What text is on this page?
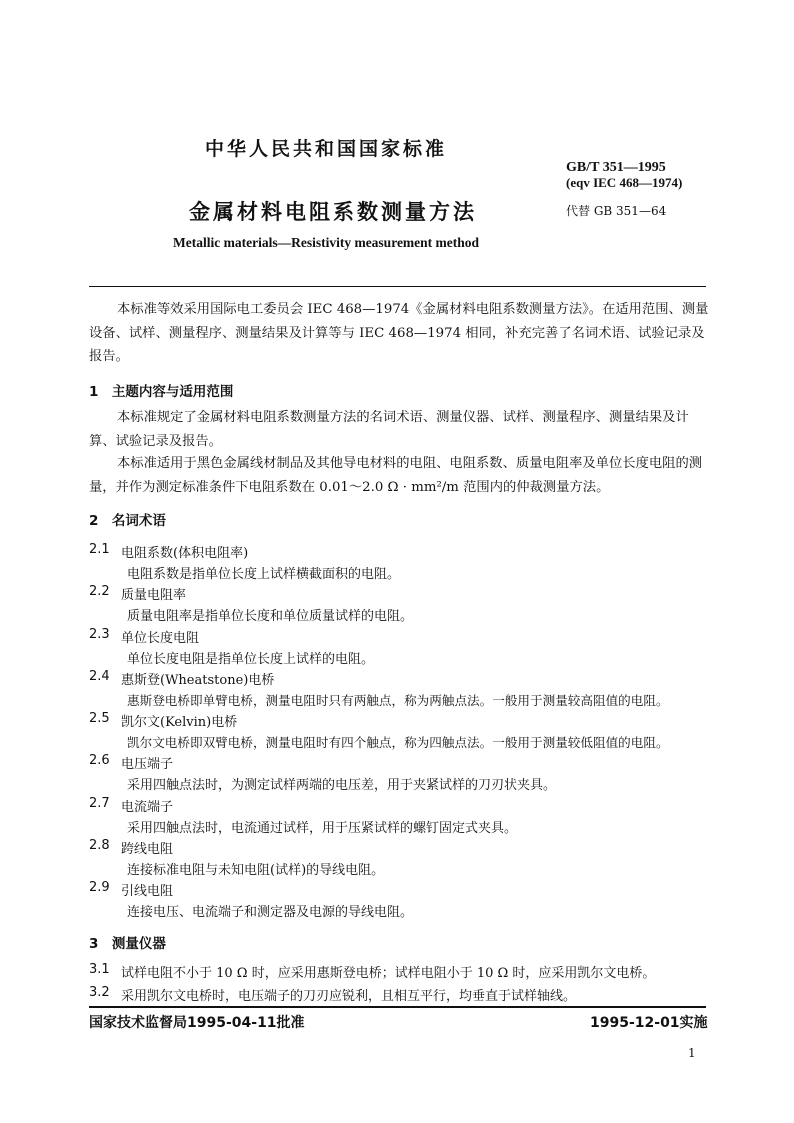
中华人民共和国国家标准
GB/T 351—1995
(eqv IEC 468—1974)
代替 GB 351—64
金属材料电阻系数测量方法
Metallic materials—Resistivity measurement method
本标准等效采用国际电工委员会 IEC 468—1974《金属材料电阻系数测量方法》。在适用范围、测量设备、试样、测量程序、测量结果及计算等与 IEC 468—1974 相同，补充完善了名词术语、试验记录及报告。
1　主题内容与适用范围
本标准规定了金属材料电阻系数测量方法的名词术语、测量仪器、试样、测量程序、测量结果及计算、试验记录及报告。
本标准适用于黑色金属线材制品及其他导电材料的电阻、电阻系数、质量电阻率及单位长度电阻的测量，并作为测定标准条件下电阻系数在 0.01～2.0 Ω · mm²/m 范围内的仲裁测量方法。
2　名词术语
2.1 电阻系数(体积电阻率)
电阻系数是指单位长度上试样横截面积的电阻。
2.2 质量电阻率
质量电阻率是指单位长度和单位质量试样的电阻。
2.3 单位长度电阻
单位长度电阻是指单位长度上试样的电阻。
2.4 惠斯登(Wheatstone)电桥
惠斯登电桥即单臂电桥，测量电阻时只有两触点，称为两触点法。一般用于测量较高阻值的电阻。
2.5 凯尔文(Kelvin)电桥
凯尔文电桥即双臂电桥，测量电阻时有四个触点，称为四触点法。一般用于测量较低阻值的电阻。
2.6 电压端子
采用四触点法时，为测定试样两端的电压差，用于夹紧试样的刀刃状夹具。
2.7 电流端子
采用四触点法时，电流通过试样，用于压紧试样的螺钉固定式夹具。
2.8 跨线电阻
连接标准电阻与未知电阻(试样)的导线电阻。
2.9 引线电阻
连接电压、电流端子和测定器及电源的导线电阻。
3　测量仪器
3.1 试样电阻不小于 10 Ω 时，应采用惠斯登电桥；试样电阻小于 10 Ω 时，应采用凯尔文电桥。
3.2 采用凯尔文电桥时，电压端子的刀刃应锐利，且相互平行，均垂直于试样轴线。
国家技术监督局1995-04-11批准	1995-12-01实施
1
